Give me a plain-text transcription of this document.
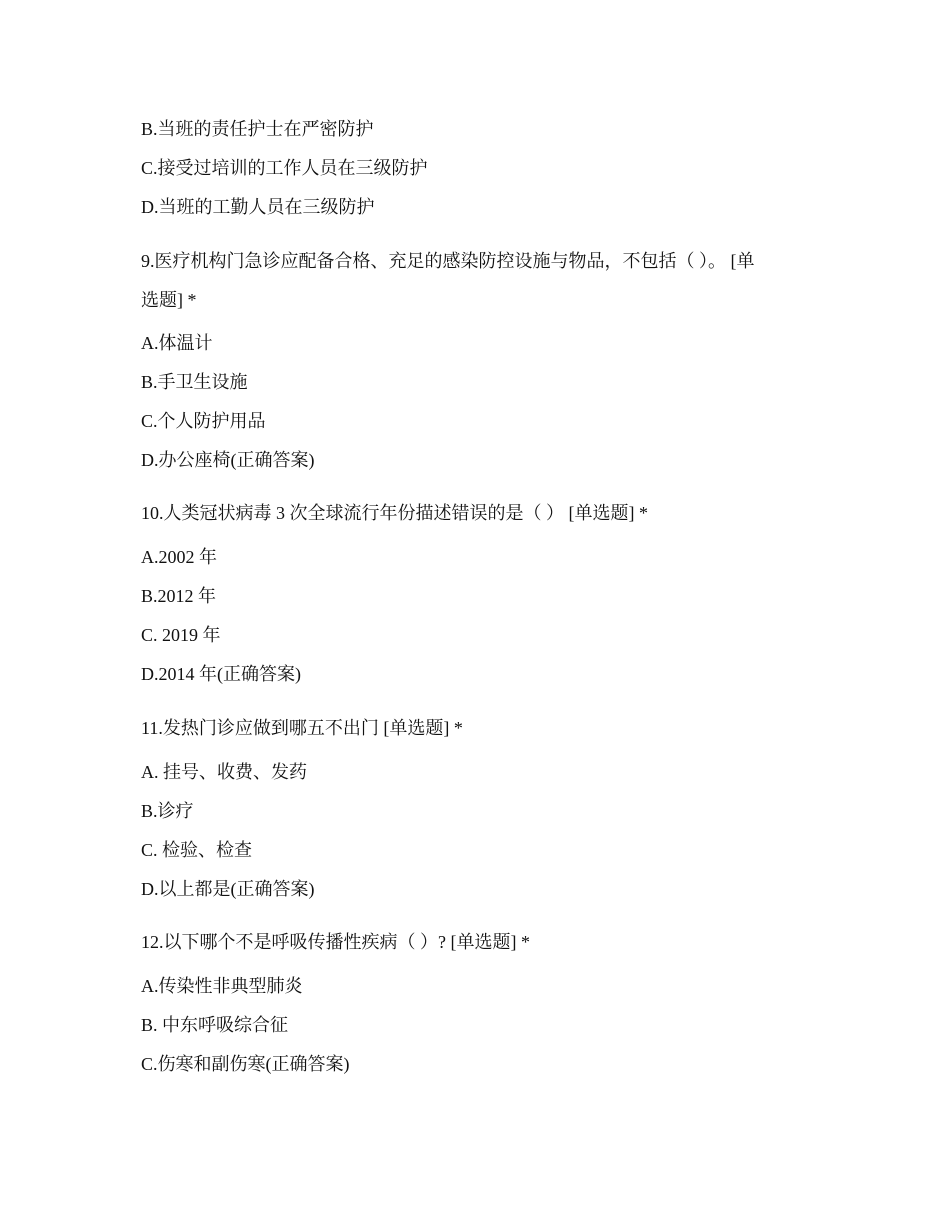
B.当班的责任护士在严密防护
C.接受过培训的工作人员在三级防护
D.当班的工勤人员在三级防护
9.医疗机构门急诊应配备合格、充足的感染防控设施与物品，不包括（ ）。 [单
选题] *
A.体温计
B.手卫生设施
C.个人防护用品
D.办公座椅(正确答案)
10.人类冠状病毒 3 次全球流行年份描述错误的是（ ） [单选题] *
A.2002 年
B.2012 年
C. 2019 年
D.2014 年(正确答案)
11.发热门诊应做到哪五不出门 [单选题] *
A. 挂号、收费、发药
B.诊疗
C. 检验、检查
D.以上都是(正确答案)
12.以下哪个不是呼吸传播性疾病（ ）? [单选题] *
A.传染性非典型肺炎
B. 中东呼吸综合征
C.伤寒和副伤寒(正确答案)
